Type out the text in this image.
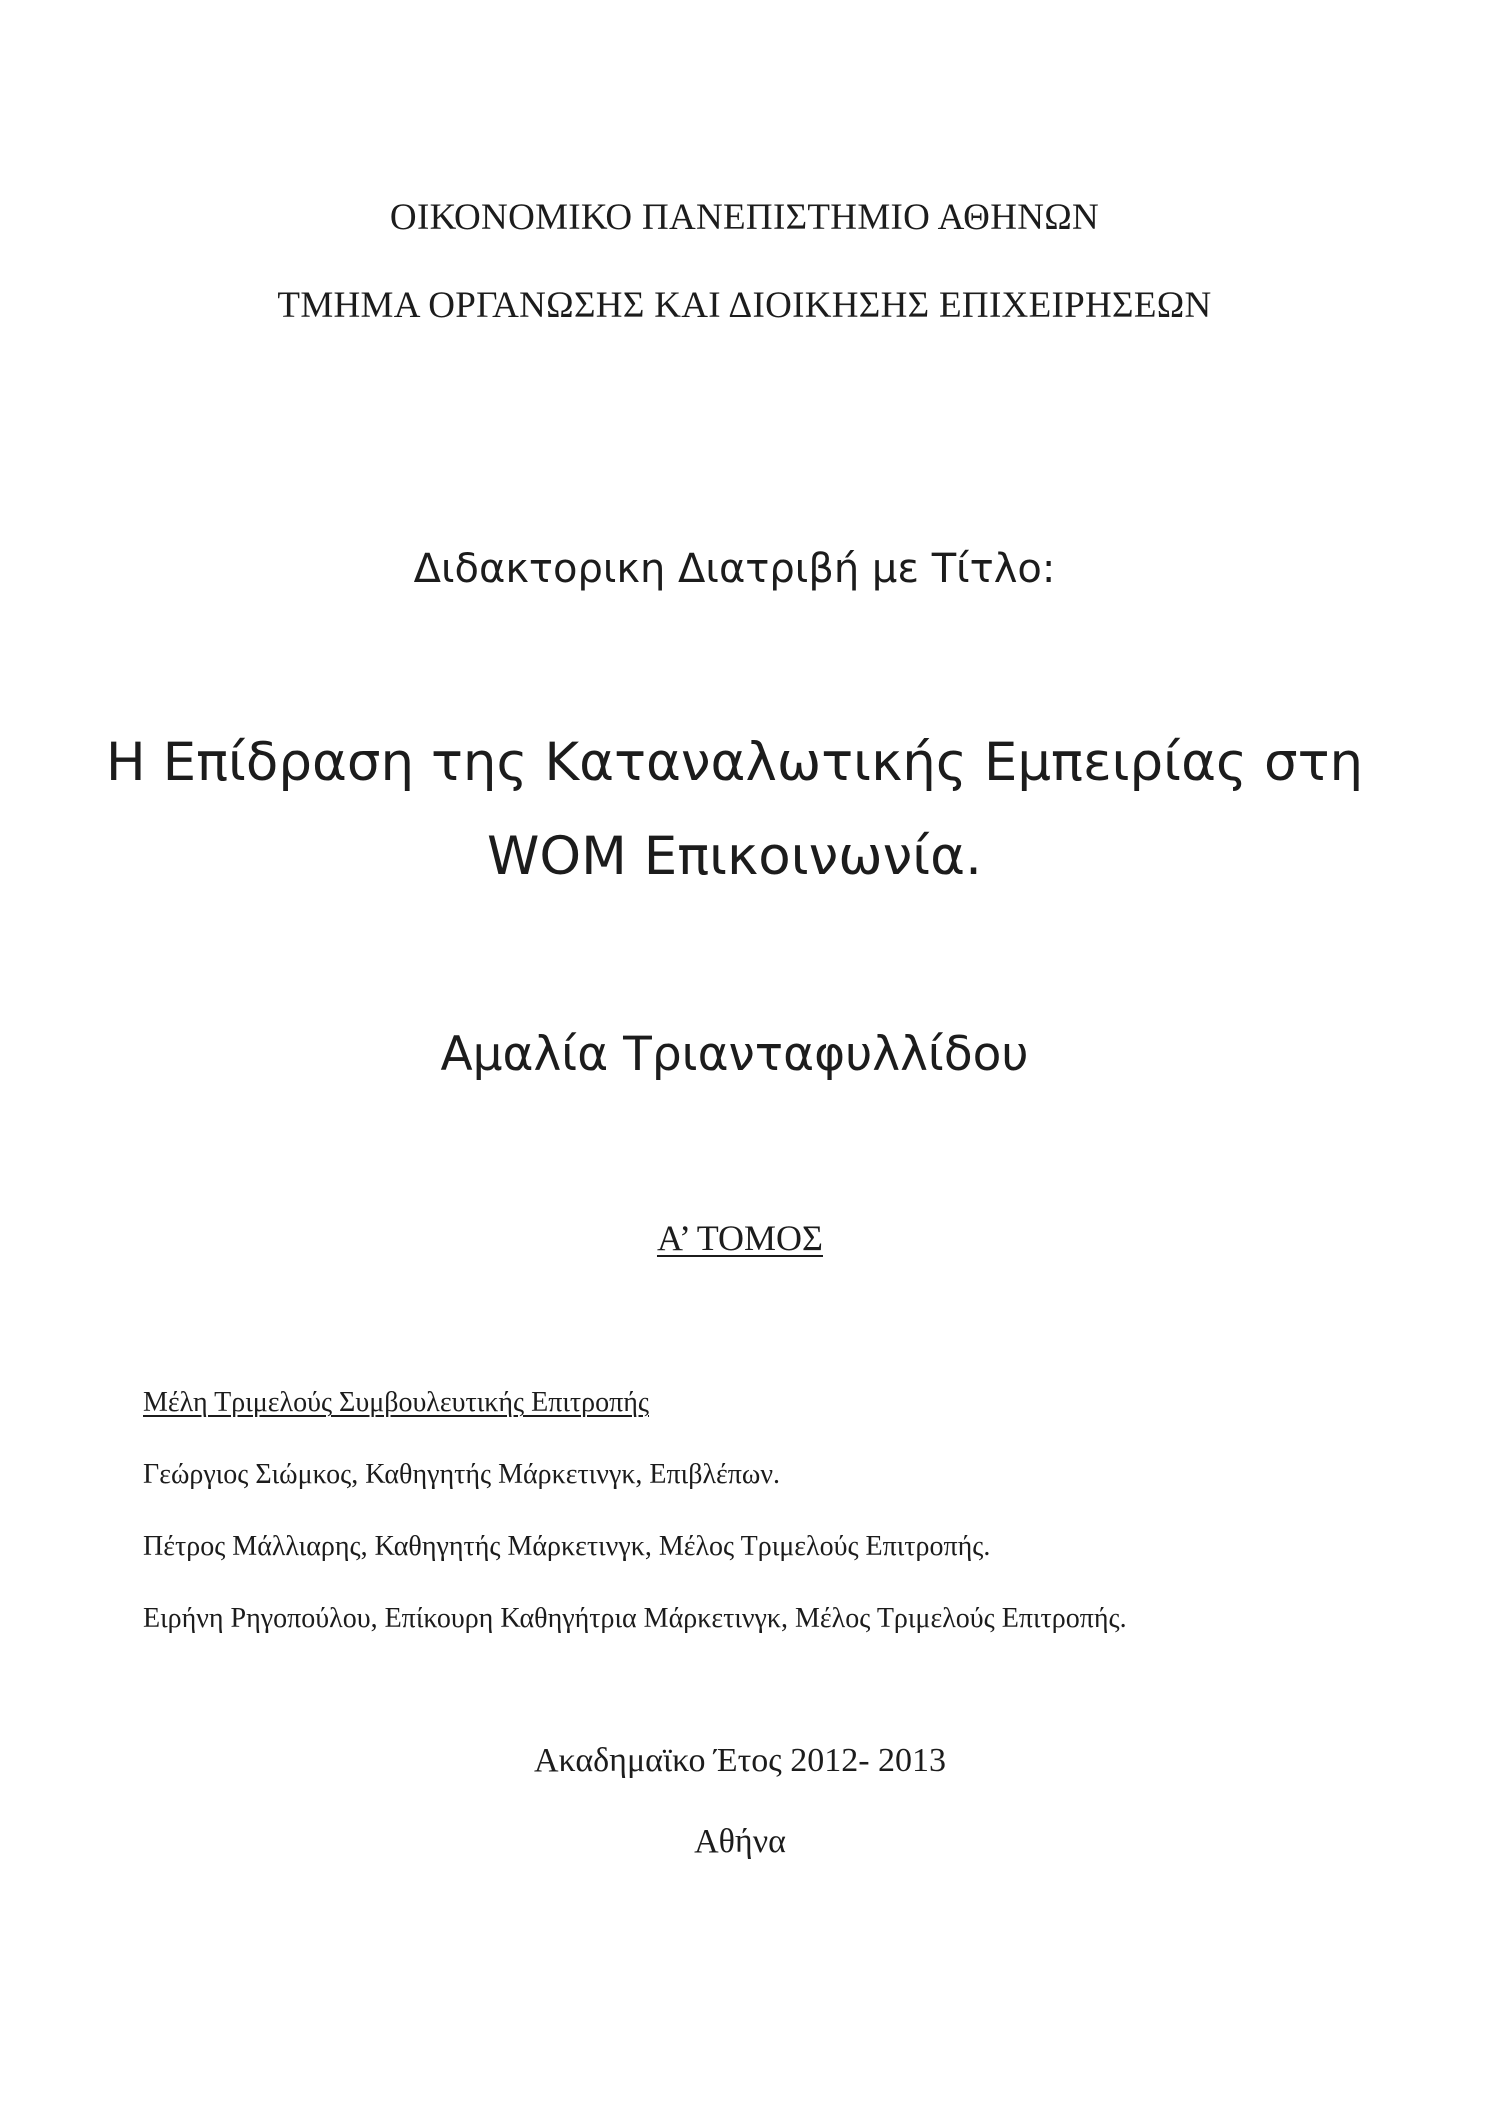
ΟΙΚΟΝΟΜΙΚΟ ΠΑΝΕΠΙΣΤΗΜΙΟ ΑΘΗΝΩΝ

ΤΜΗΜΑ ΟΡΓΑΝΩΣΗΣ ΚΑΙ ΔΙΟΙΚΗΣΗΣ ΕΠΙΧΕΙΡΗΣΕΩΝ

Διδακτορικη Διατριβή με Τίτλο:

Η Επίδραση της Καταναλωτικής Εμπειρίας στη

WOM Επικοινωνία.

Αμαλία Τριανταφυλλίδου

Α’ ΤΟΜΟΣ

Μέλη Τριμελούς Συμβουλευτικής Επιτροπής

Γεώργιος Σιώμκος, Καθηγητής Μάρκετινγκ, Επιβλέπων.

Πέτρος Μάλλιαρης, Καθηγητής Μάρκετινγκ, Μέλος Τριμελούς Επιτροπής.

Ειρήνη Ρηγοπούλου, Επίκουρη Καθηγήτρια Μάρκετινγκ, Μέλος Τριμελούς Επιτροπής.

Ακαδημαϊκο Έτος 2012- 2013

Αθήνα
